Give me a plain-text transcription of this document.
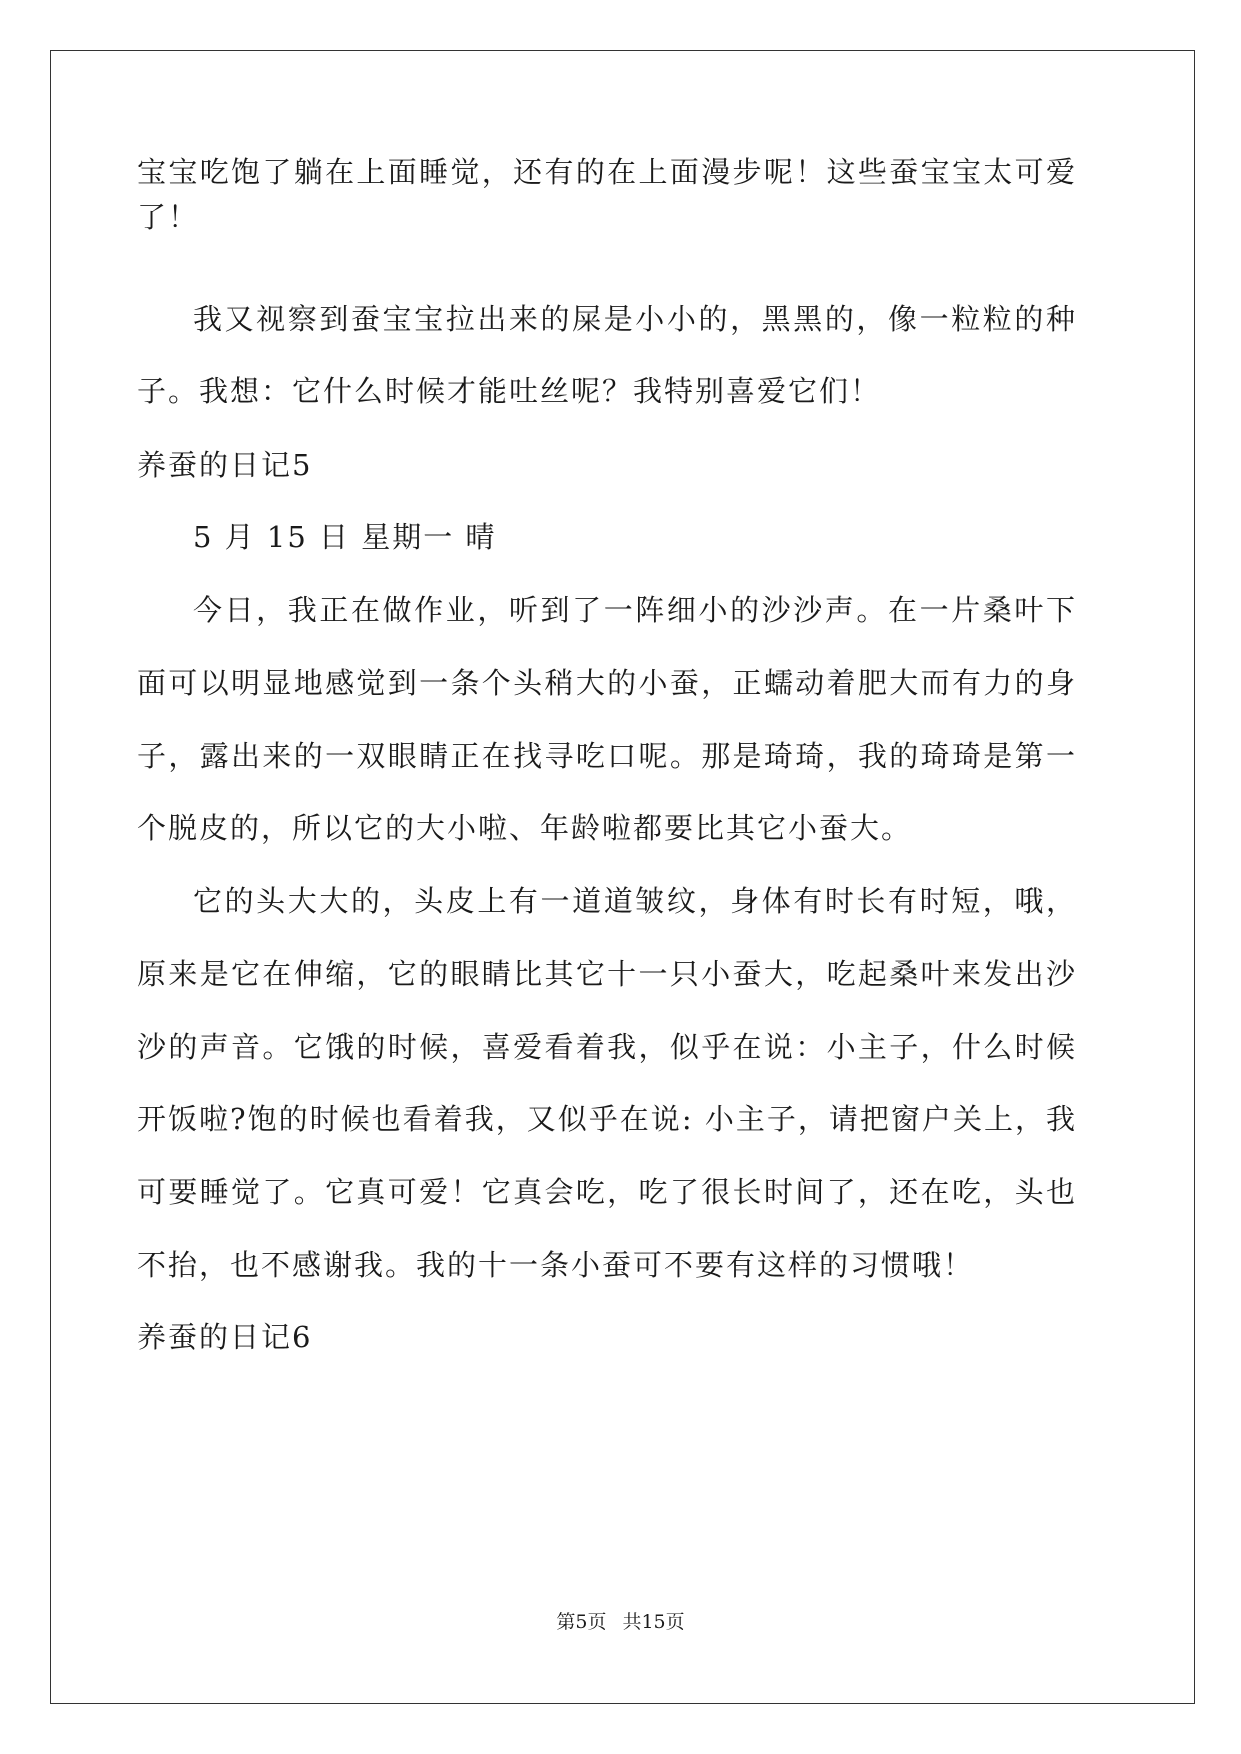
宝宝吃饱了躺在上面睡觉，还有的在上面漫步呢！这些蚕宝宝太可爱
了！
我又视察到蚕宝宝拉出来的屎是小小的，黑黑的，像一粒粒的种
子。我想：它什么时候才能吐丝呢？我特别喜爱它们！
养蚕的日记5
5 月 15 日 星期一 晴
今日，我正在做作业，听到了一阵细小的沙沙声。在一片桑叶下
面可以明显地感觉到一条个头稍大的小蚕，正蠕动着肥大而有力的身
子，露出来的一双眼睛正在找寻吃口呢。那是琦琦，我的琦琦是第一
个脱皮的，所以它的大小啦、年龄啦都要比其它小蚕大。
它的头大大的，头皮上有一道道皱纹，身体有时长有时短，哦，
原来是它在伸缩，它的眼睛比其它十一只小蚕大，吃起桑叶来发出沙
沙的声音。它饿的时候，喜爱看着我，似乎在说：小主子，什么时候
开饭啦?饱的时候也看着我，又似乎在说: 小主子，请把窗户关上，我
可要睡觉了。它真可爱！它真会吃，吃了很长时间了，还在吃，头也
不抬，也不感谢我。我的十一条小蚕可不要有这样的习惯哦！
养蚕的日记6
第5页 共15页
